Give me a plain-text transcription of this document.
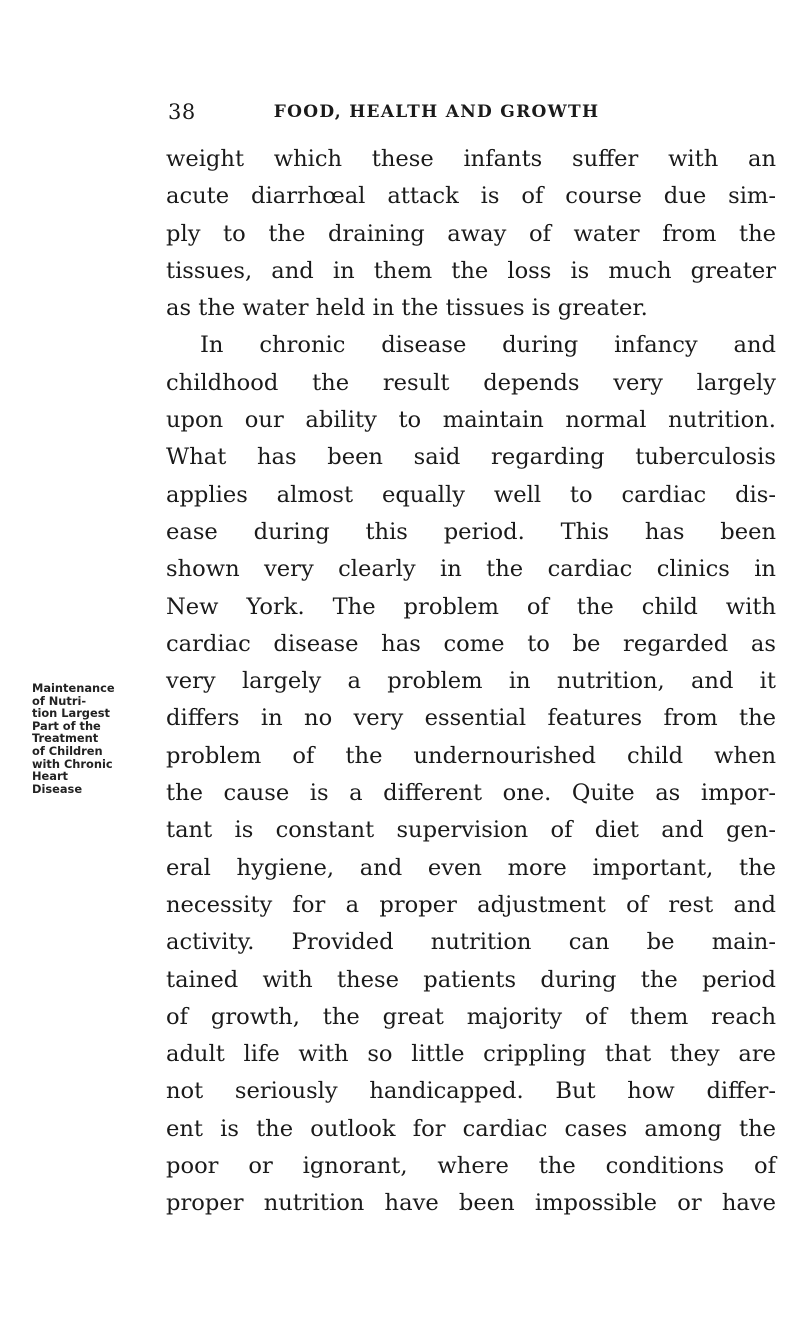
38	FOOD, HEALTH AND GROWTH
Maintenance
of Nutri-
tion Largest
Part of the
Treatment
of Children
with Chronic
Heart
Disease
weight which these infants suffer with an
acute diarrhœal attack is of course due sim-
ply to the draining away of water from the
tissues, and in them the loss is much greater
as the water held in the tissues is greater.
In chronic disease during infancy and
childhood the result depends very largely
upon our ability to maintain normal nutrition.
What has been said regarding tuberculosis
applies almost equally well to cardiac dis-
ease during this period. This has been
shown very clearly in the cardiac clinics in
New York. The problem of the child with
cardiac disease has come to be regarded as
very largely a problem in nutrition, and it
differs in no very essential features from the
problem of the undernourished child when
the cause is a different one. Quite as impor-
tant is constant supervision of diet and gen-
eral hygiene, and even more important, the
necessity for a proper adjustment of rest and
activity. Provided nutrition can be main-
tained with these patients during the period
of growth, the great majority of them reach
adult life with so little crippling that they are
not seriously handicapped. But how differ-
ent is the outlook for cardiac cases among the
poor or ignorant, where the conditions of
proper nutrition have been impossible or have
